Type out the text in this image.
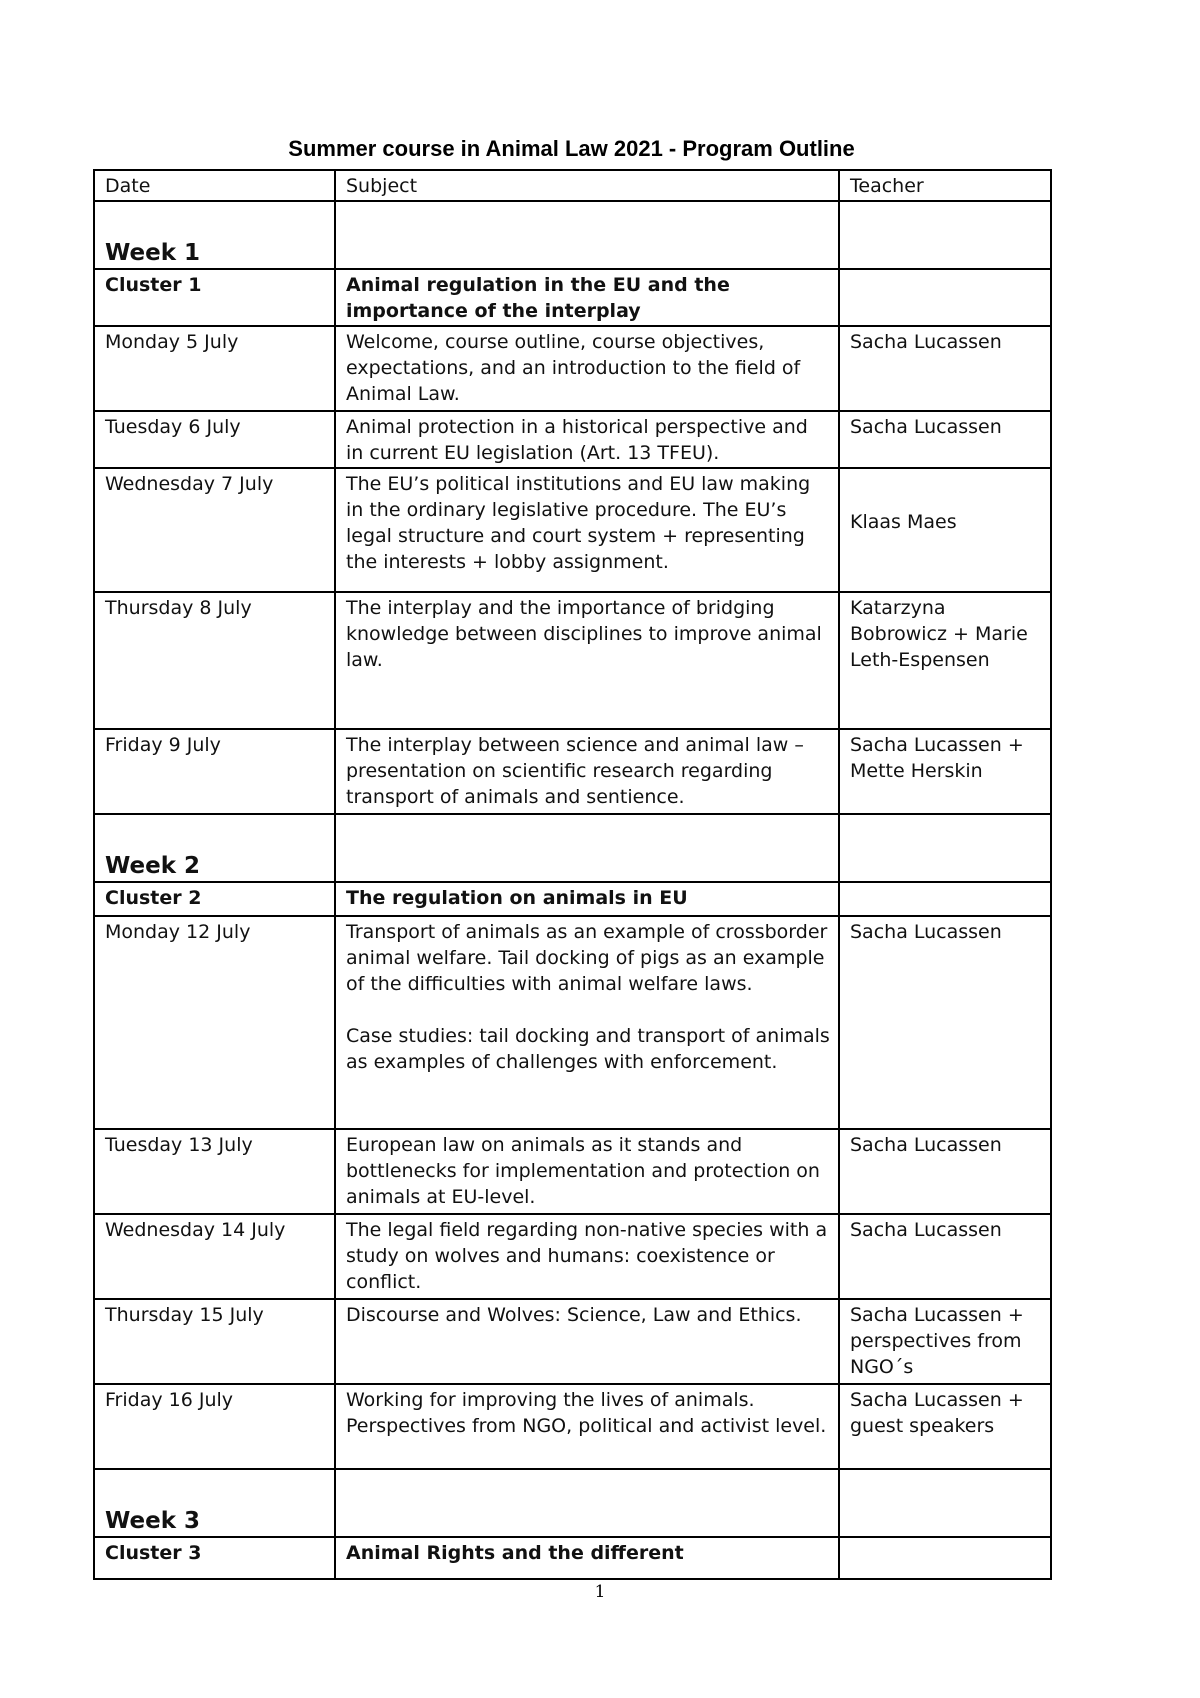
Summer course in Animal Law 2021 - Program Outline
Date	Subject	Teacher

Week 1		

Cluster 1	Animal regulation in the EU and the importance of the interplay	
Monday 5 July	Welcome, course outline, course objectives, expectations, and an introduction to the field of Animal Law.	Sacha Lucassen
Tuesday 6 July	Animal protection in a historical perspective and in current EU legislation (Art. 13 TFEU).	Sacha Lucassen
Wednesday 7 July	The EU’s political institutions and EU law making in the ordinary legislative procedure. The EU’s legal structure and court system + representing the interests + lobby assignment.	Klaas Maes
Thursday 8 July	The interplay and the importance of bridging knowledge between disciplines to improve animal law.	Katarzyna Bobrowicz + Marie Leth-Espensen
Friday 9 July	The interplay between science and animal law – presentation on scientific research regarding transport of animals and sentience.	Sacha Lucassen + Mette Herskin

Week 2		

Cluster 2	The regulation on animals in EU	
Monday 12 July	Transport of animals as an example of crossborder animal welfare. Tail docking of pigs as an example of the difficulties with animal welfare laws.
Case studies: tail docking and transport of animals as examples of challenges with enforcement.	Sacha Lucassen
Tuesday 13 July	European law on animals as it stands and bottlenecks for implementation and protection on animals at EU-level.	Sacha Lucassen
Wednesday 14 July	The legal field regarding non-native species with a study on wolves and humans: coexistence or conflict.	Sacha Lucassen
Thursday 15 July	Discourse and Wolves: Science, Law and Ethics.	Sacha Lucassen + perspectives from NGO´s
Friday 16 July	Working for improving the lives of animals. Perspectives from NGO, political and activist level.	Sacha Lucassen + guest speakers

Week 3		

Cluster 3	Animal Rights and the different	
1
